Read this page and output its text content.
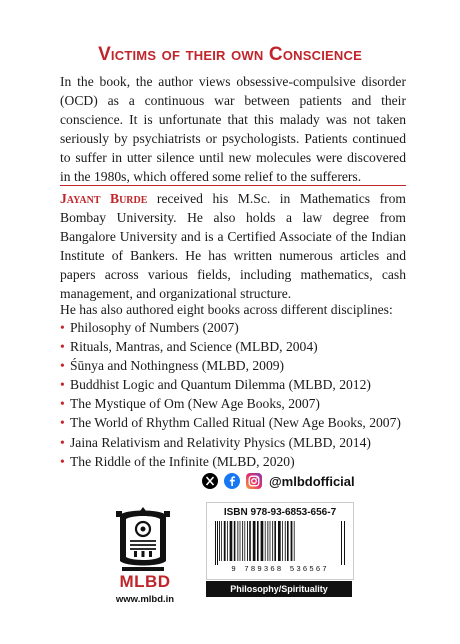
Victims of their own Conscience
In the book, the author views obsessive-compulsive disorder (OCD) as a continuous war between patients and their conscience. It is unfortunate that this malady was not taken seriously by psychiatrists or psychologists. Patients continued to suffer in utter silence until new molecules were discovered in the 1980s, which offered some relief to the sufferers.
Jayant Burde received his M.Sc. in Mathematics from Bombay University. He also holds a law degree from Bangalore University and is a Certified Associate of the Indian Institute of Bankers. He has written numerous articles and papers across various fields, including mathematics, cash management, and organizational structure.
He has also authored eight books across different disciplines:
• Philosophy of Numbers (2007)
• Rituals, Mantras, and Science (MLBD, 2004)
• Śūnya and Nothingness (MLBD, 2009)
• Buddhist Logic and Quantum Dilemma (MLBD, 2012)
• The Mystique of Om (New Age Books, 2007)
• The World of Rhythm Called Ritual (New Age Books, 2007)
• Jaina Relativism and Relativity Physics (MLBD, 2014)
• The Riddle of the Infinite (MLBD, 2020)
@mlbdofficial
MLBD
www.mlbd.in
ISBN 978-93-6853-656-7
9 789368 536567
Philosophy/Spirituality
